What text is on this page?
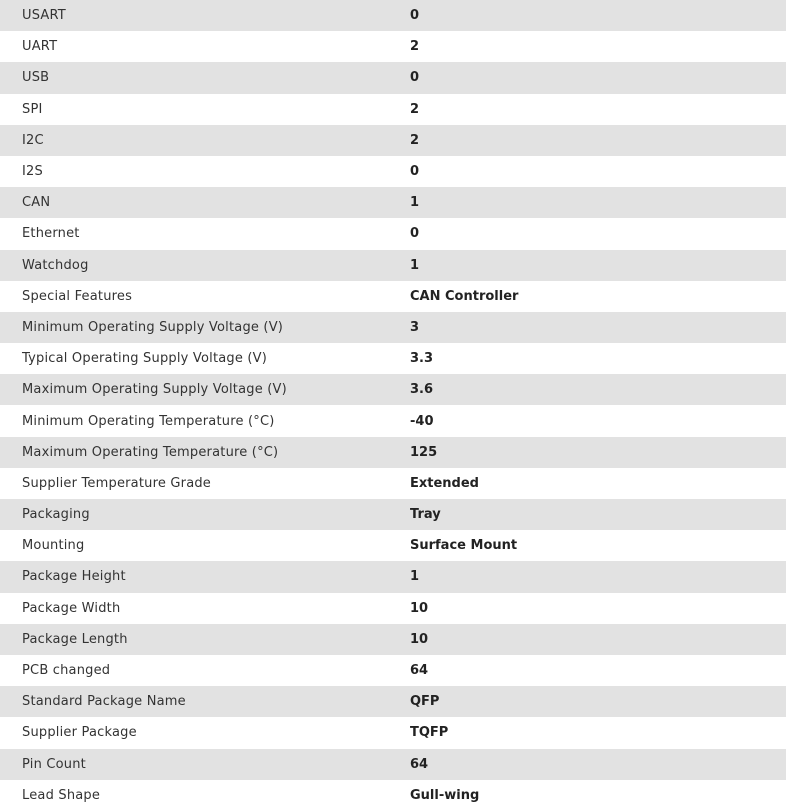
USART	0
UART	2
USB	0
SPI	2
I2C	2
I2S	0
CAN	1
Ethernet	0
Watchdog	1
Special Features	CAN Controller
Minimum Operating Supply Voltage (V)	3
Typical Operating Supply Voltage (V)	3.3
Maximum Operating Supply Voltage (V)	3.6
Minimum Operating Temperature (°C)	-40
Maximum Operating Temperature (°C)	125
Supplier Temperature Grade	Extended
Packaging	Tray
Mounting	Surface Mount
Package Height	1
Package Width	10
Package Length	10
PCB changed	64
Standard Package Name	QFP
Supplier Package	TQFP
Pin Count	64
Lead Shape	Gull-wing
